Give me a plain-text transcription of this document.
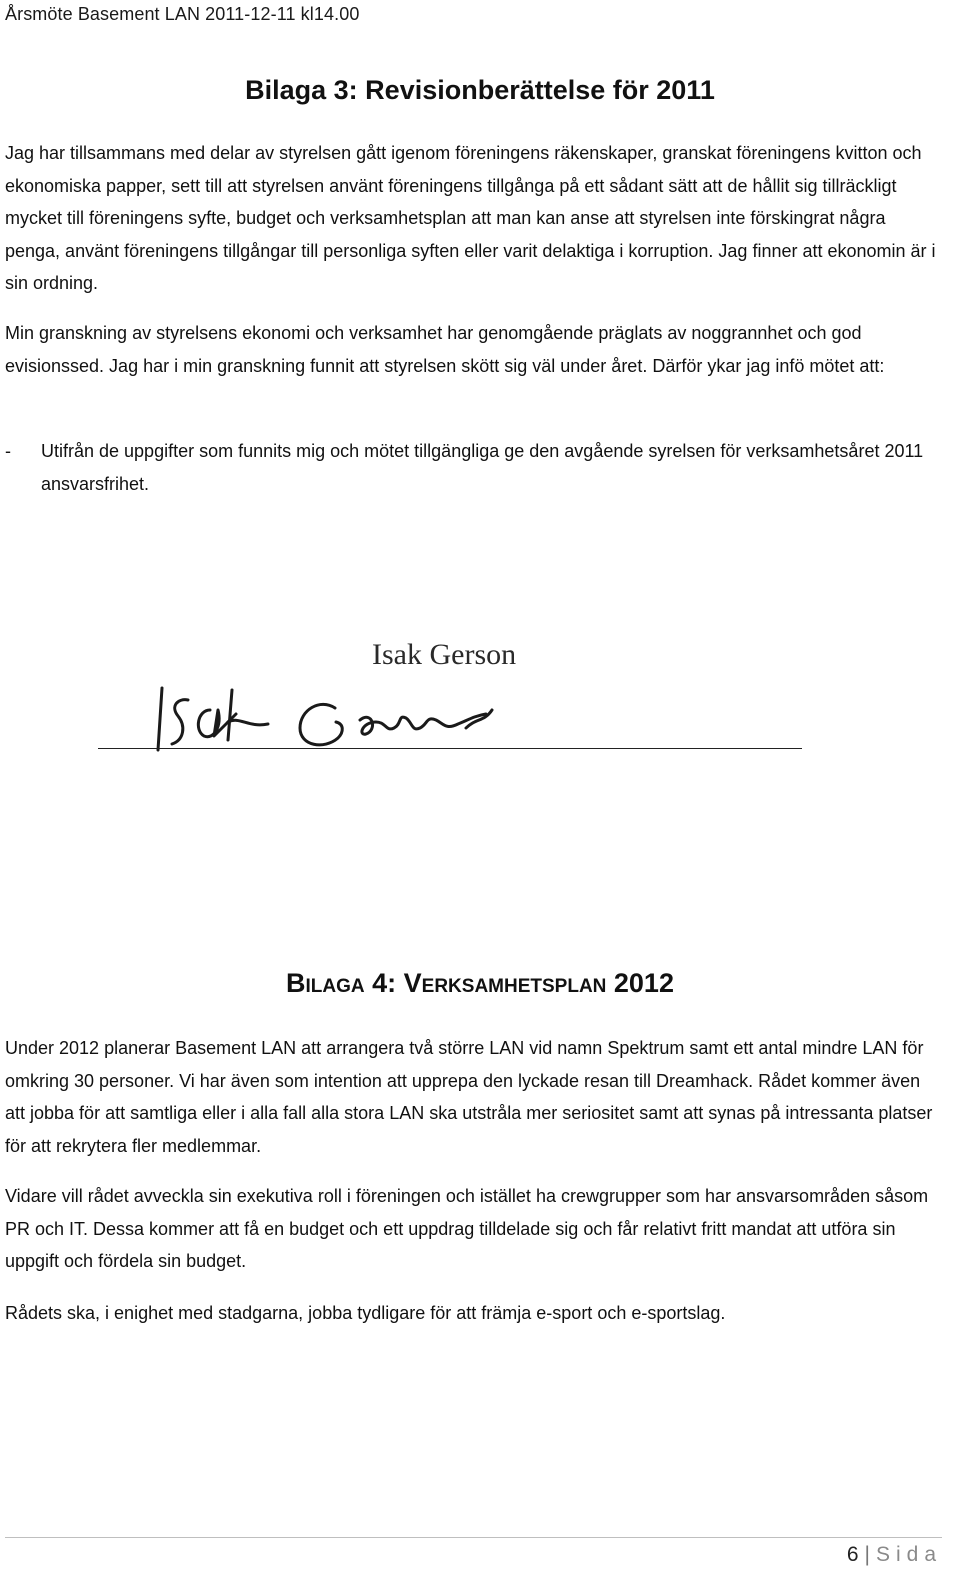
Årsmöte Basement LAN 2011-12-11 kl14.00
Bilaga 3: Revisionberättelse för 2011
Jag har tillsammans med delar av styrelsen gått igenom föreningens räkenskaper, granskat föreningens kvitton och ekonomiska papper, sett till att styrelsen använt föreningens tillgånga på ett sådant sätt att de hållit sig tillräckligt mycket till föreningens syfte, budget och verksamhetsplan att man kan anse att styrelsen inte förskingrat några penga, använt föreningens tillgångar till personliga syften eller varit delaktiga i korruption. Jag finner att ekonomin är i sin ordning.
Min granskning av styrelsens ekonomi och verksamhet har genomgående präglats av noggrannhet och god evisionssed. Jag har i min granskning funnit att styrelsen skött sig väl under året. Därför ykar jag infö mötet att:
-	Utifrån de uppgifter som funnits mig och mötet tillgängliga ge den avgående syrelsen för verksamhetsåret 2011 ansvarsfrihet.
Isak Gerson
Bilaga 4: Verksamhetsplan 2012
Under 2012 planerar Basement LAN att arrangera två större LAN vid namn Spektrum samt ett antal mindre LAN för omkring 30 personer. Vi har även som intention att upprepa den lyckade resan till Dreamhack. Rådet kommer även att jobba för att samtliga eller i alla fall alla stora LAN ska utstråla mer seriositet samt att synas på intressanta platser för att rekrytera fler medlemmar.
Vidare vill rådet avveckla sin exekutiva roll i föreningen och istället ha crewgrupper som har ansvarsområden såsom PR och IT. Dessa kommer att få en budget och ett uppdrag tilldelade sig och får relativt fritt mandat att utföra sin uppgift och fördela sin budget.
Rådets ska, i enighet med stadgarna, jobba tydligare för att främja e-sport och e-sportslag.
6 | Sida
